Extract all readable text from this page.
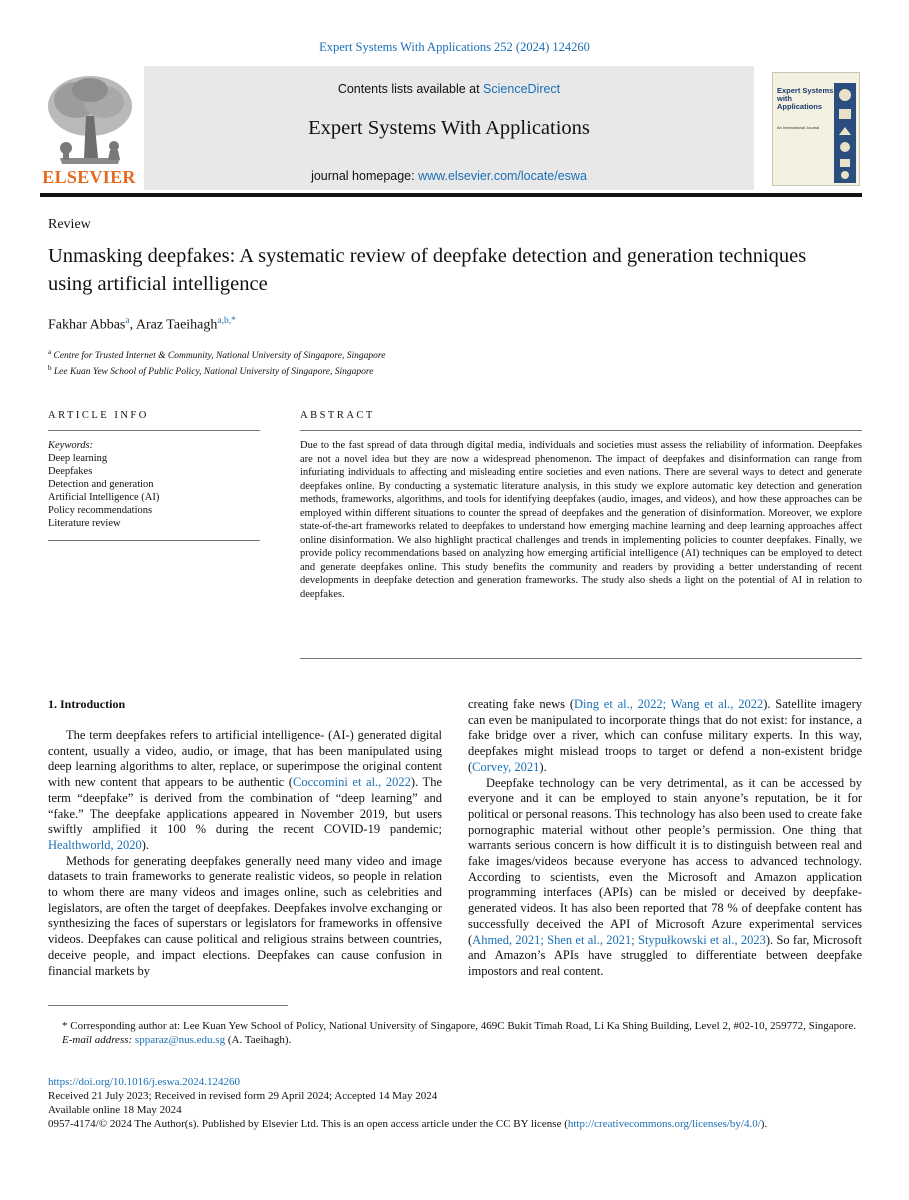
Expert Systems With Applications 252 (2024) 124260
ELSEVIER
Contents lists available at ScienceDirect
Expert Systems With Applications
journal homepage: www.elsevier.com/locate/eswa
Expert Systems with Applications
An International Journal
Review
Unmasking deepfakes: A systematic review of deepfake detection and generation techniques using artificial intelligence
Fakhar Abbas$^a$, Araz Taeihagh$^{a,b,*}$
$^a$ Centre for Trusted Internet & Community, National University of Singapore, Singapore
$^b$ Lee Kuan Yew School of Public Policy, National University of Singapore, Singapore
ARTICLE INFO	ABSTRACT
Keywords:
Deep learning
Deepfakes
Detection and generation
Artificial Intelligence (AI)
Policy recommendations
Literature review
Due to the fast spread of data through digital media, individuals and societies must assess the reliability of information. Deepfakes are not a novel idea but they are now a widespread phenomenon. The impact of deepfakes and disinformation can range from infuriating individuals to affecting and misleading entire societies and even nations. There are several ways to detect and generate deepfakes online. By conducting a systematic literature analysis, in this study we explore automatic key detection and generation methods, frameworks, algorithms, and tools for identifying deepfakes (audio, images, and videos), and how these approaches can be employed within different situations to counter the spread of deepfakes and the generation of disinformation. Moreover, we explore state-of-the-art frameworks related to deepfakes to understand how emerging machine learning and deep learning approaches affect online disinformation. We also highlight practical challenges and trends in implementing policies to counter deepfakes. Finally, we provide policy recommendations based on analyzing how emerging artificial intelligence (AI) techniques can be employed to detect and generate deepfakes online. This study benefits the community and readers by providing a better understanding of recent developments in deepfake detection and generation frameworks. The study also sheds a light on the potential of AI in relation to deepfakes.
1. Introduction

The term deepfakes refers to artificial intelligence- (AI-) generated digital content, usually a video, audio, or image, that has been manipulated using deep learning algorithms to alter, replace, or superimpose the original content with new content that appears to be authentic (Coccomini et al., 2022). The term “deepfake” is derived from the combination of “deep learning” and “fake.” The deepfake applications appeared in November 2019, but users swiftly amplified it 100 % during the recent COVID-19 pandemic; Healthworld, 2020).

Methods for generating deepfakes generally need many video and image datasets to train frameworks to generate realistic videos, so people in relation to whom there are many videos and images online, such as celebrities and legislators, are often the target of deepfakes. Deepfakes involve exchanging or synthesizing the faces of superstars or legislators for frameworks in offensive videos. Deepfakes can cause political and religious strains between countries, deceive people, and impact elections. Deepfakes can cause confusion in financial markets by

creating fake news (Ding et al., 2022; Wang et al., 2022). Satellite imagery can even be manipulated to incorporate things that do not exist: for instance, a fake bridge over a river, which can confuse military experts. In this way, deepfakes might mislead troops to target or defend a non-existent bridge (Corvey, 2021).

Deepfake technology can be very detrimental, as it can be accessed by everyone and it can be employed to stain anyone’s reputation, be it for political or personal reasons. This technology has also been used to create fake pornographic material without other people’s permission. One thing that warrants serious concern is how difficult it is to distinguish between real and fake images/videos because everyone has access to advanced technology. According to scientists, even the Microsoft and Amazon application programming interfaces (APIs) can be misled or deceived by deepfake-generated videos. It has also been reported that 78 % of deepfake content has successfully deceived the API of Microsoft Azure experimental services (Ahmed, 2021; Shen et al., 2021; Stypułkowski et al., 2023). So far, Microsoft and Amazon’s APIs have struggled to differentiate between deepfake impostors and real content.

* Corresponding author at: Lee Kuan Yew School of Policy, National University of Singapore, 469C Bukit Timah Road, Li Ka Shing Building, Level 2, #02-10, 259772, Singapore.

E-mail address: spparaz@nus.edu.sg (A. Taeihagh).

https://doi.org/10.1016/j.eswa.2024.124260

Received 21 July 2023; Received in revised form 29 April 2024; Accepted 14 May 2024

Available online 18 May 2024

0957-4174/© 2024 The Author(s). Published by Elsevier Ltd. This is an open access article under the CC BY license (http://creativecommons.org/licenses/by/4.0/).
